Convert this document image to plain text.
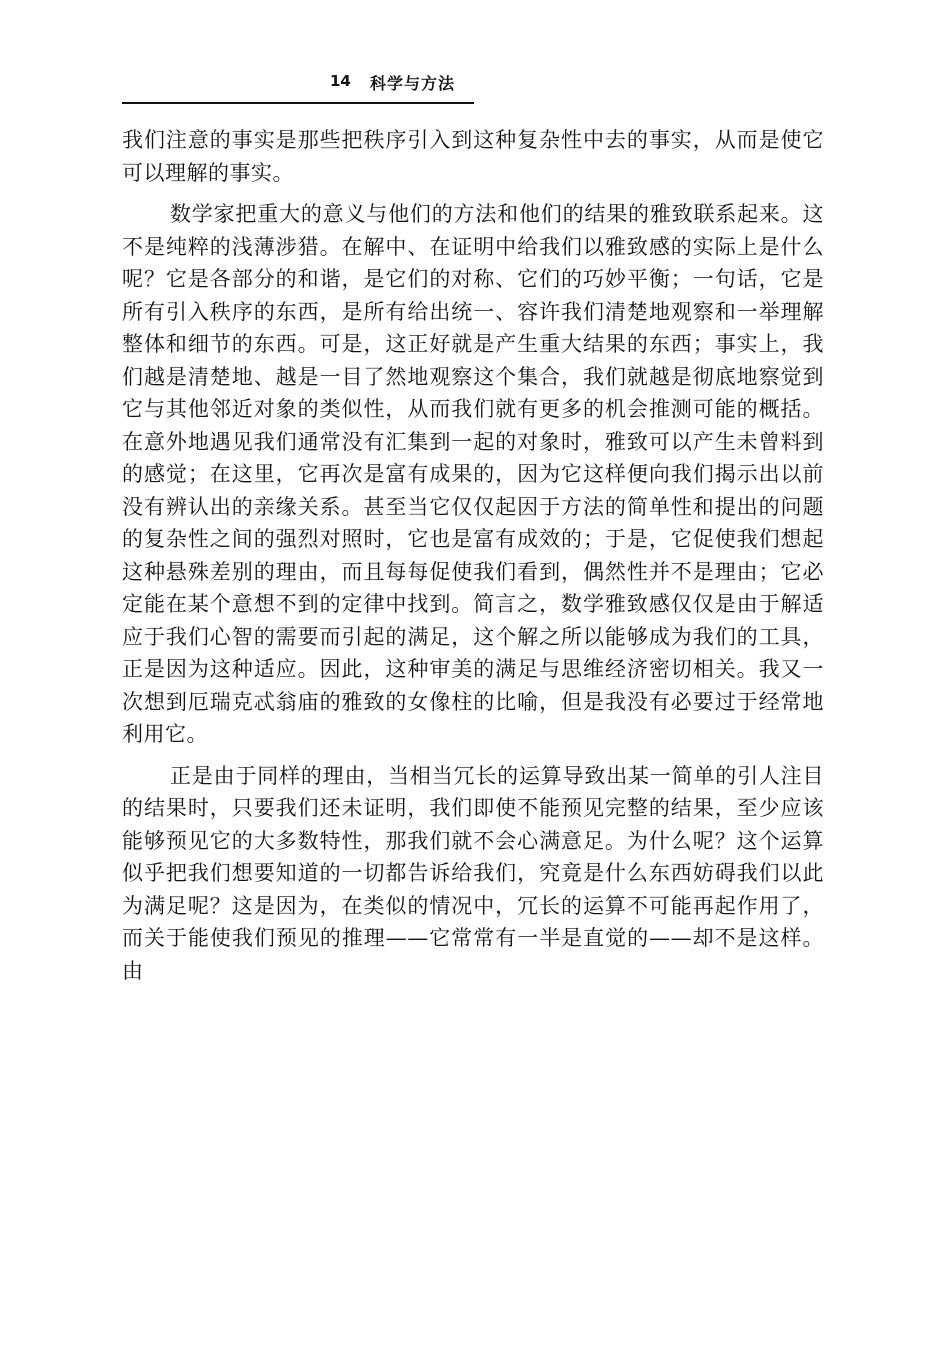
14 科学与方法

我们注意的事实是那些把秩序引入到这种复杂性中去的事实，从而是使它可以理解的事实。

数学家把重大的意义与他们的方法和他们的结果的雅致联系起来。这不是纯粹的浅薄涉猎。在解中、在证明中给我们以雅致感的实际上是什么呢？它是各部分的和谐，是它们的对称、它们的巧妙平衡；一句话，它是所有引入秩序的东西，是所有给出统一、容许我们清楚地观察和一举理解整体和细节的东西。可是，这正好就是产生重大结果的东西；事实上，我们越是清楚地、越是一目了然地观察这个集合，我们就越是彻底地察觉到它与其他邻近对象的类似性，从而我们就有更多的机会推测可能的概括。在意外地遇见我们通常没有汇集到一起的对象时，雅致可以产生未曾料到的感觉；在这里，它再次是富有成果的，因为它这样便向我们揭示出以前没有辨认出的亲缘关系。甚至当它仅仅起因于方法的简单性和提出的问题的复杂性之间的强烈对照时，它也是富有成效的；于是，它促使我们想起这种悬殊差别的理由，而且每每促使我们看到，偶然性并不是理由；它必定能在某个意想不到的定律中找到。简言之，数学雅致感仅仅是由于解适应于我们心智的需要而引起的满足，这个解之所以能够成为我们的工具，正是因为这种适应。因此，这种审美的满足与思维经济密切相关。我又一次想到厄瑞克忒翁庙的雅致的女像柱的比喻，但是我没有必要过于经常地利用它。

正是由于同样的理由，当相当冗长的运算导致出某一简单的引人注目的结果时，只要我们还未证明，我们即使不能预见完整的结果，至少应该能够预见它的大多数特性，那我们就不会心满意足。为什么呢？这个运算似乎把我们想要知道的一切都告诉给我们，究竟是什么东西妨碍我们以此为满足呢？这是因为，在类似的情况中，冗长的运算不可能再起作用了，而关于能使我们预见的推理——它常常有一半是直觉的——却不是这样。由
